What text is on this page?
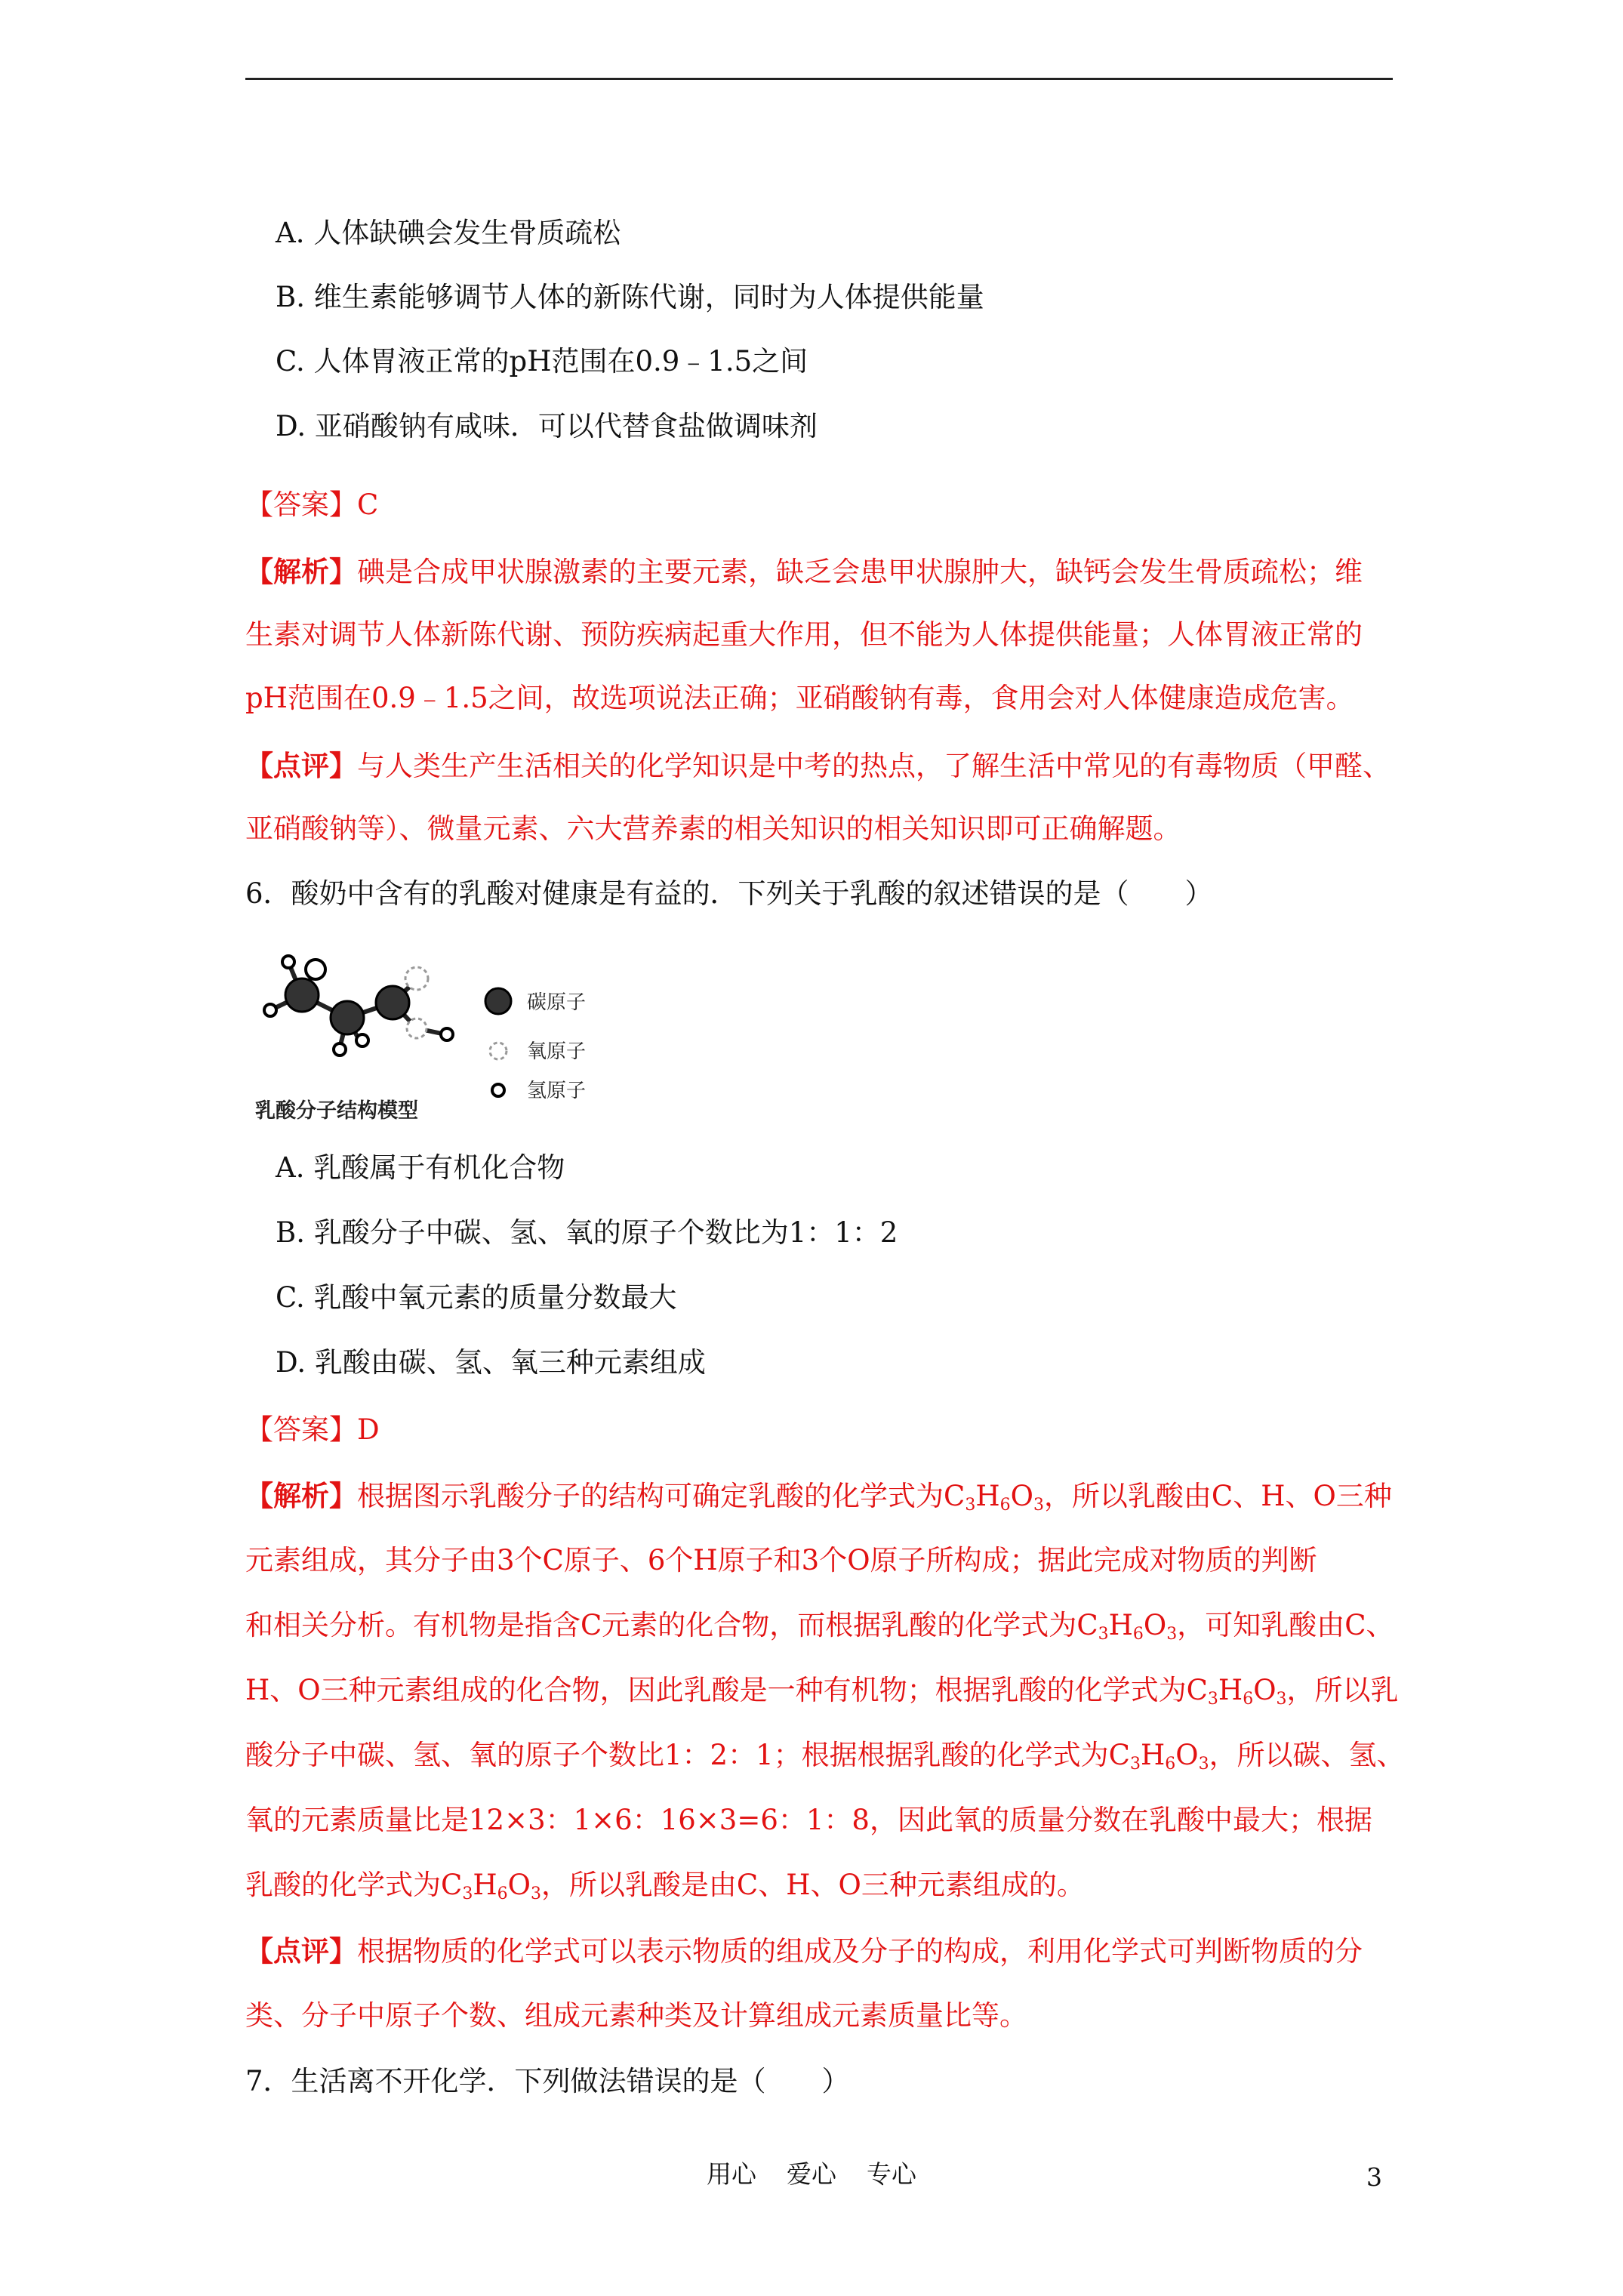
A. 人体缺碘会发生骨质疏松
B. 维生素能够调节人体的新陈代谢，同时为人体提供能量
C. 人体胃液正常的pH范围在0.9﹣1.5之间
D. 亚硝酸钠有咸味．可以代替食盐做调味剂
【答案】C
【解析】碘是合成甲状腺激素的主要元素，缺乏会患甲状腺肿大，缺钙会发生骨质疏松；维
生素对调节人体新陈代谢、预防疾病起重大作用，但不能为人体提供能量；人体胃液正常的
pH范围在0.9﹣1.5之间，故选项说法正确；亚硝酸钠有毒，食用会对人体健康造成危害。
【点评】与人类生产生活相关的化学知识是中考的热点，了解生活中常见的有毒物质（甲醛、
亚硝酸钠等）、微量元素、六大营养素的相关知识的相关知识即可正确解题。
6．酸奶中含有的乳酸对健康是有益的．下列关于乳酸的叙述错误的是（　　）
碳原子
氧原子
氢原子
乳酸分子结构模型
A. 乳酸属于有机化合物
B. 乳酸分子中碳、氢、氧的原子个数比为1：1：2
C. 乳酸中氧元素的质量分数最大
D. 乳酸由碳、氢、氧三种元素组成
【答案】D
【解析】根据图示乳酸分子的结构可确定乳酸的化学式为$C_3H_6O_3$，所以乳酸由C、H、O三种
元素组成，其分子由3个C原子、6个H原子和3个O原子所构成；据此完成对物质的判断
和相关分析。有机物是指含C元素的化合物，而根据乳酸的化学式为$C_3H_6O_3$，可知乳酸由C、
H、O三种元素组成的化合物，因此乳酸是一种有机物；根据乳酸的化学式为$C_3H_6O_3$，所以乳
酸分子中碳、氢、氧的原子个数比1：2：1；根据根据乳酸的化学式为$C_3H_6O_3$，所以碳、氢、
氧的元素质量比是12×3：1×6：16×3=6：1：8，因此氧的质量分数在乳酸中最大；根据
乳酸的化学式为$C_3H_6O_3$，所以乳酸是由C、H、O三种元素组成的。
【点评】根据物质的化学式可以表示物质的组成及分子的构成，利用化学式可判断物质的分
类、分子中原子个数、组成元素种类及计算组成元素质量比等。
7．生活离不开化学．下列做法错误的是（　　）
用心 爱心 专心	3
